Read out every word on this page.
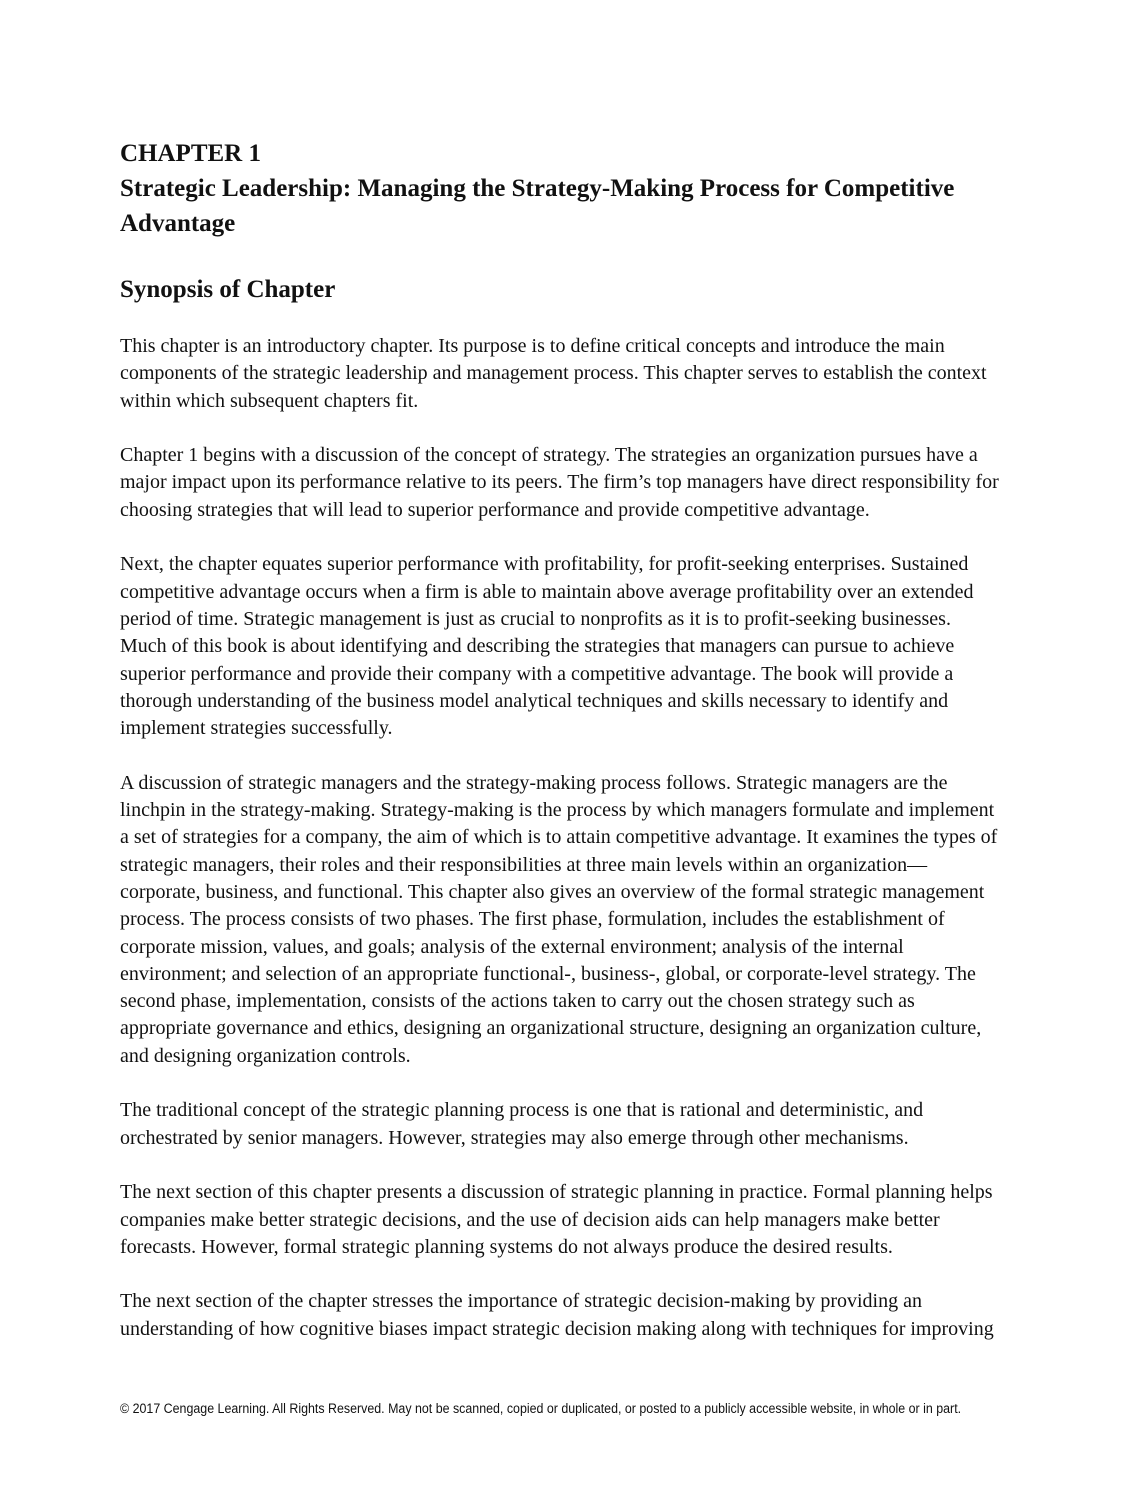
CHAPTER 1
Strategic Leadership: Managing the Strategy-Making Process for Competitive
Advantage
Synopsis of Chapter

This chapter is an introductory chapter. Its purpose is to define critical concepts and introduce the main
components of the strategic leadership and management process. This chapter serves to establish the context
within which subsequent chapters fit.

Chapter 1 begins with a discussion of the concept of strategy. The strategies an organization pursues have a
major impact upon its performance relative to its peers. The firm’s top managers have direct responsibility for
choosing strategies that will lead to superior performance and provide competitive advantage.

Next, the chapter equates superior performance with profitability, for profit-seeking enterprises. Sustained
competitive advantage occurs when a firm is able to maintain above average profitability over an extended
period of time. Strategic management is just as crucial to nonprofits as it is to profit-seeking businesses.
Much of this book is about identifying and describing the strategies that managers can pursue to achieve
superior performance and provide their company with a competitive advantage. The book will provide a
thorough understanding of the business model analytical techniques and skills necessary to identify and
implement strategies successfully.

A discussion of strategic managers and the strategy-making process follows. Strategic managers are the
linchpin in the strategy-making. Strategy-making is the process by which managers formulate and implement
a set of strategies for a company, the aim of which is to attain competitive advantage. It examines the types of
strategic managers, their roles and their responsibilities at three main levels within an organization—
corporate, business, and functional. This chapter also gives an overview of the formal strategic management
process. The process consists of two phases. The first phase, formulation, includes the establishment of
corporate mission, values, and goals; analysis of the external environment; analysis of the internal
environment; and selection of an appropriate functional-, business-, global, or corporate-level strategy. The
second phase, implementation, consists of the actions taken to carry out the chosen strategy such as
appropriate governance and ethics, designing an organizational structure, designing an organization culture,
and designing organization controls.

The traditional concept of the strategic planning process is one that is rational and deterministic, and
orchestrated by senior managers. However, strategies may also emerge through other mechanisms.

The next section of this chapter presents a discussion of strategic planning in practice. Formal planning helps
companies make better strategic decisions, and the use of decision aids can help managers make better
forecasts. However, formal strategic planning systems do not always produce the desired results.

The next section of the chapter stresses the importance of strategic decision-making by providing an
understanding of how cognitive biases impact strategic decision making along with techniques for improving

© 2017 Cengage Learning. All Rights Reserved. May not be scanned, copied or duplicated, or posted to a publicly accessible website, in whole or in part.
